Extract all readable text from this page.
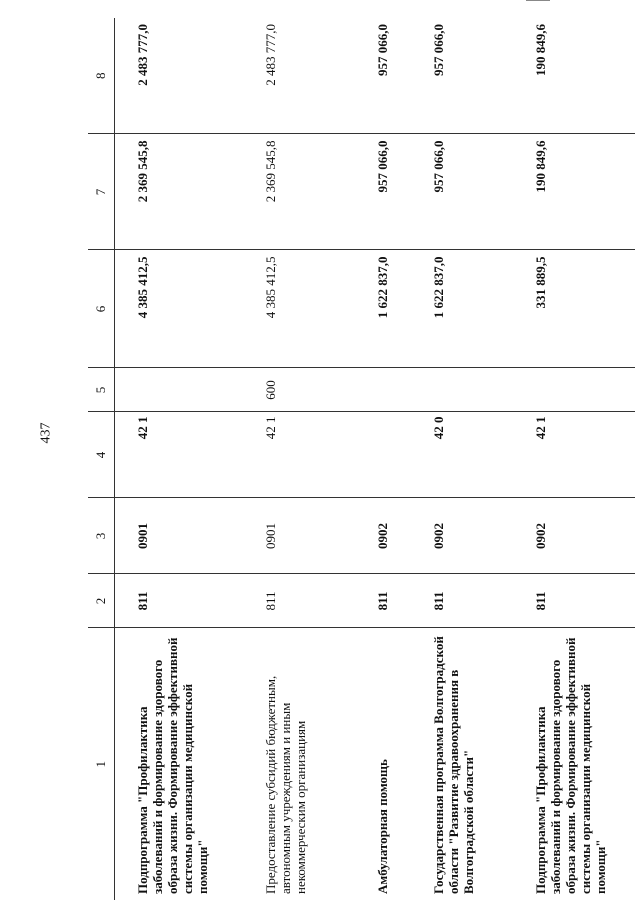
437
1	2	3	4	5	6	7	8
Подпрограмма "Профилактика заболеваний и формирование здорового образа жизни. Формирование эффективной системы организации медицинской помощи"	811	0901	42 1		4 385 412,5	2 369 545,8	2 483 777,0
Предоставление субсидий бюджетным, автономным учреждениям и иным некоммерческим организациям	811	0901	42 1	600	4 385 412,5	2 369 545,8	2 483 777,0
Амбулаторная помощь	811	0902			1 622 837,0	957 066,0	957 066,0
Государственная программа Волгоградской области "Развитие здравоохранения в Волгоградской области"	811	0902	42 0		1 622 837,0	957 066,0	957 066,0
Подпрограмма "Профилактика заболеваний и формирование здорового образа жизни. Формирование эффективной системы организации медицинской помощи"	811	0902	42 1		331 889,5	190 849,6	190 849,6
